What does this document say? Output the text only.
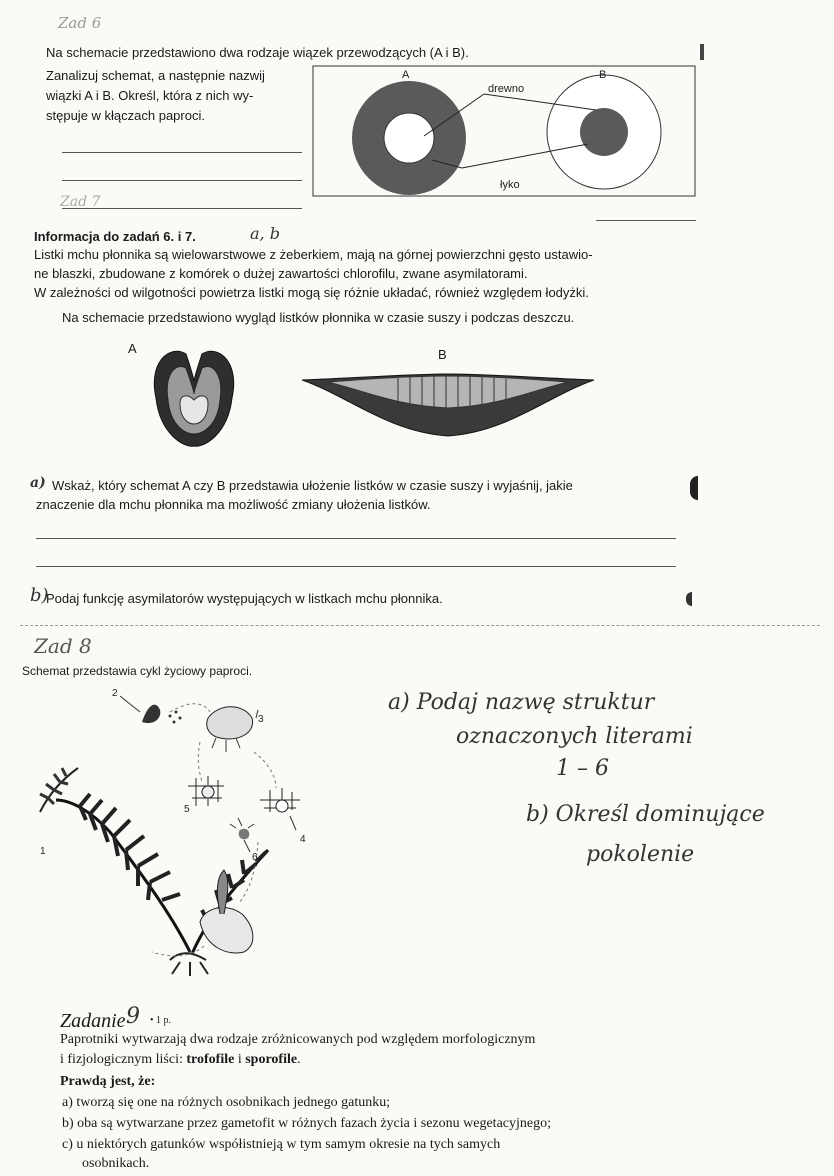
Zad 6
Na schemacie przedstawiono dwa rodzaje wiązek przewodzących (A i B).
Zanalizuj schemat, a następnie nazwij
wiązki A i B. Określ, która z nich wy-
stępuje w kłączach paproci.
Zad 7
A	B
drewno
łyko
Informacja do zadań 6. i 7.	a, b
Listki mchu płonnika są wielowarstwowe z żeberkiem, mają na górnej powierzchni gęsto ustawio-
ne blaszki, zbudowane z komórek o dużej zawartości chlorofilu, zwane asymilatorami.
W zależności od wilgotności powietrza listki mogą się różnie układać, również względem łodyżki.
Na schemacie przedstawiono wygląd listków płonnika w czasie suszy i podczas deszczu.
A	B
a) Wskaż, który schemat A czy B przedstawia ułożenie listków w czasie suszy i wyjaśnij, jakie
znaczenie dla mchu płonnika ma możliwość zmiany ułożenia listków.
b)
Podaj funkcję asymilatorów występujących w listkach mchu płonnika.
Zad 8
Schemat przedstawia cykl życiowy paproci.
1
2
3
4
5
6
a) Podaj nazwę struktur
oznaczonych literami
1 – 6
b) Określ dominujące
pokolenie
Zadanie 9 • 1 p.
Paprotniki wytwarzają dwa rodzaje zróżnicowanych pod względem morfologicznym
i fizjologicznym liści: trofofile i sporofile.
Prawdą jest, że:
a) tworzą się one na różnych osobnikach jednego gatunku;
b) oba są wytwarzane przez gametofit w różnych fazach życia i sezonu wegetacyjnego;
c) u niektórych gatunków współistnieją w tym samym okresie na tych samych
osobnikach.
